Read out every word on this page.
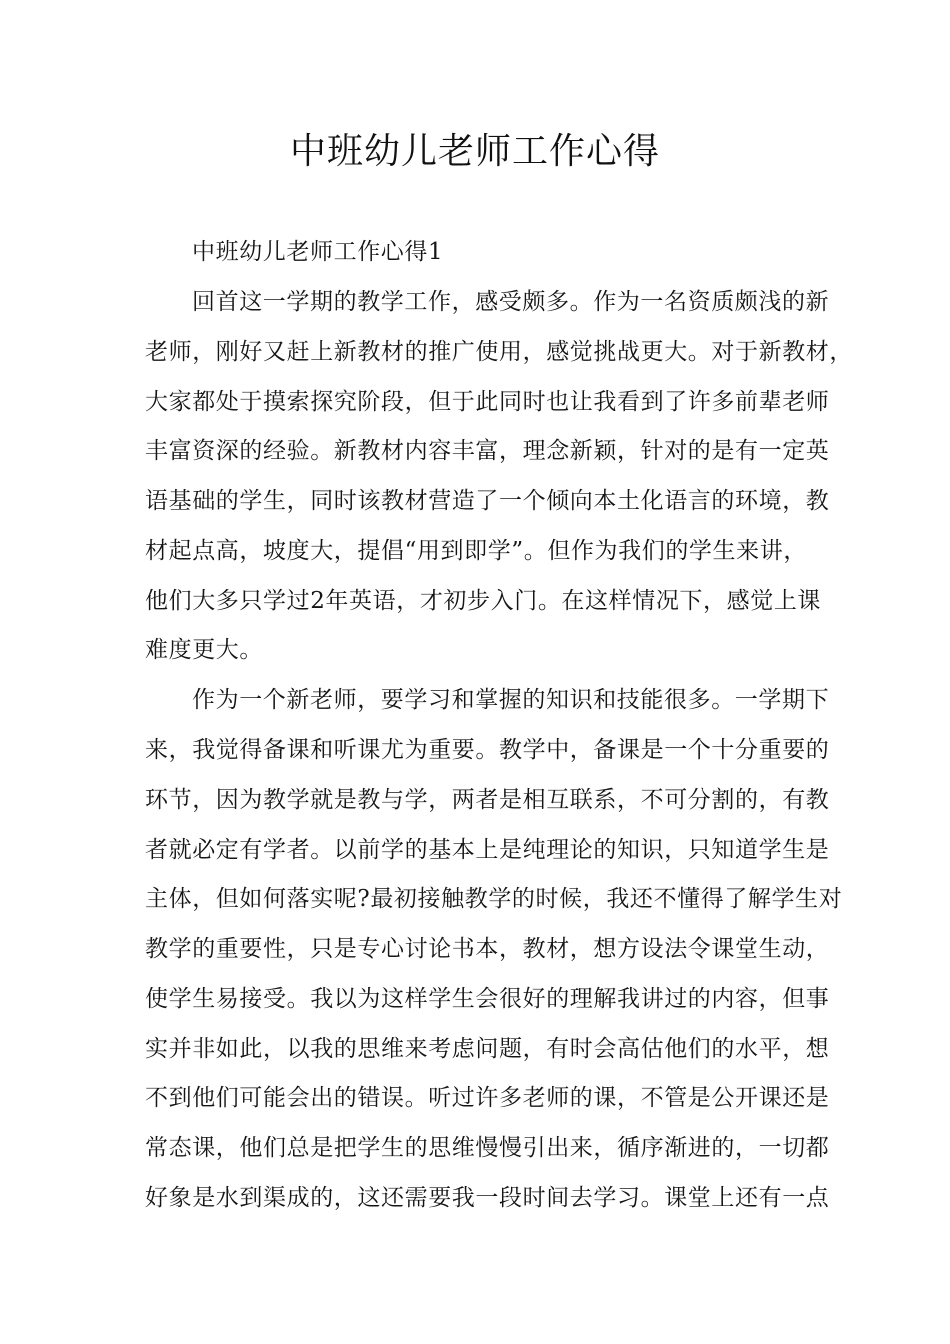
中班幼儿老师工作心得
中班幼儿老师工作心得1
回首这一学期的教学工作，感受颇多。作为一名资质颇浅的新
老师，刚好又赶上新教材的推广使用，感觉挑战更大。对于新教材，
大家都处于摸索探究阶段，但于此同时也让我看到了许多前辈老师
丰富资深的经验。新教材内容丰富，理念新颖，针对的是有一定英
语基础的学生，同时该教材营造了一个倾向本土化语言的环境，教
材起点高，坡度大，提倡“用到即学”。但作为我们的学生来讲，
他们大多只学过2年英语，才初步入门。在这样情况下，感觉上课
难度更大。
作为一个新老师，要学习和掌握的知识和技能很多。一学期下
来，我觉得备课和听课尤为重要。教学中，备课是一个十分重要的
环节，因为教学就是教与学，两者是相互联系，不可分割的，有教
者就必定有学者。以前学的基本上是纯理论的知识，只知道学生是
主体，但如何落实呢?最初接触教学的时候，我还不懂得了解学生对
教学的重要性，只是专心讨论书本，教材，想方设法令课堂生动，
使学生易接受。我以为这样学生会很好的理解我讲过的内容，但事
实并非如此，以我的思维来考虑问题，有时会高估他们的水平，想
不到他们可能会出的错误。听过许多老师的课，不管是公开课还是
常态课，他们总是把学生的思维慢慢引出来，循序渐进的，一切都
好象是水到渠成的，这还需要我一段时间去学习。课堂上还有一点
